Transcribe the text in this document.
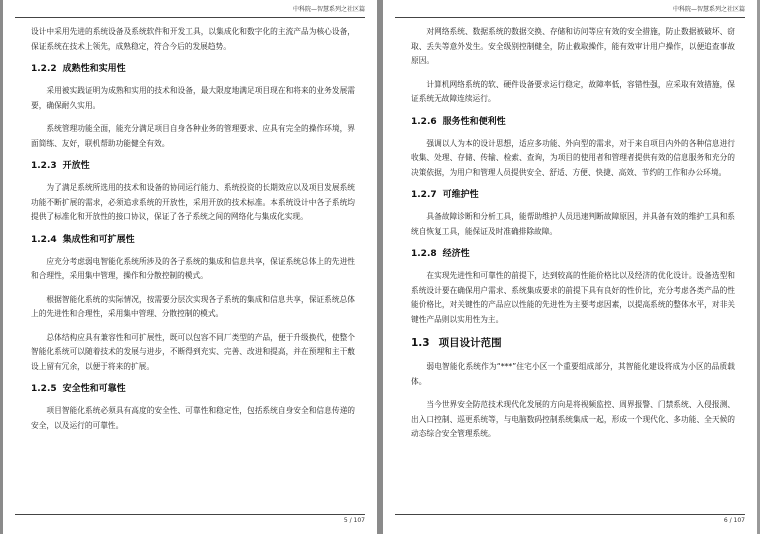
中科院—智慧系列之社区篇

设计中采用先进的系统设备及系统软件和开发工具，以集成化和数字化的主流产品为核心设备，保证系统在技术上领先，成熟稳定，符合今后的发展趋势。

1.2.2 成熟性和实用性

采用被实践证明为成熟和实用的技术和设备，最大限度地满足项目现在和将来的业务发展需要，确保耐久实用。

系统管理功能全面，能充分满足项目自身各种业务的管理要求、应具有完全的操作环境，界面简练、友好，联机帮助功能健全有效。

1.2.3 开放性

为了满足系统所选用的技术和设备的协同运行能力、系统投资的长期效应以及项目发展系统功能不断扩展的需求，必须追求系统的开放性，采用开放的技术标准。本系统设计中各子系统均提供了标准化和开放性的接口协议，保证了各子系统之间的网络化与集成化实现。

1.2.4 集成性和可扩展性

应充分考虑弱电智能化系统所涉及的各子系统的集成和信息共享，保证系统总体上的先进性和合理性，采用集中管理，操作和分散控制的模式。

根据智能化系统的实际情况，按需要分层次实现各子系统的集成和信息共享，保证系统总体上的先进性和合理性，采用集中管理、分散控制的模式。

总体结构应具有兼容性和可扩展性，既可以包容不同厂类型的产品，便于升级换代，使整个智能化系统可以随着技术的发展与进步，不断得到充实、完善、改进和提高，并在预埋和主干敷设上留有冗余，以便于将来的扩展。

1.2.5 安全性和可靠性

项目智能化系统必须具有高度的安全性、可靠性和稳定性，包括系统自身安全和信息传递的安全，以及运行的可靠性。

5 / 107
中科院—智慧系列之社区篇

对网络系统、数据系统的数据交换、存储和访问等应有效的安全措施，防止数据被破坏、窃取、丢失等意外发生。安全级别控制健全，防止截取操作，能有效审计用户操作，以便追查事故原因。

计算机网络系统的软、硬件设备要求运行稳定，故障率低，容错性强，应采取有效措施，保证系统无故障连续运行。

1.2.6 服务性和便利性

强调以人为本的设计思想，适应多功能、外向型的需求，对于来自项目内外的各种信息进行收集、处理、存储、传输、检索、查询，为项目的使用者和管理者提供有效的信息服务和充分的决策依据，为用户和管理人员提供安全、舒适、方便、快捷、高效、节约的工作和办公环境。

1.2.7 可维护性

具备故障诊断和分析工具，能帮助维护人员迅速判断故障原因，并具备有效的维护工具和系统自恢复工具，能保证及时准确排除故障。

1.2.8 经济性

在实现先进性和可靠性的前提下，达到较高的性能价格比以及经济的优化设计。设备选型和系统设计要在确保用户需求、系统集成要求的前提下具有良好的性价比，充分考虑各类产品的性能价格比，对关键性的产品应以性能的先进性为主要考虑因素，以提高系统的整体水平，对非关键性产品则以实用性为主。

1.3 项目设计范围

弱电智能化系统作为“***”住宅小区一个重要组成部分，其智能化建设将成为小区的品质载体。

当今世界安全防范技术现代化发展的方向是将视频监控、周界报警、门禁系统、入侵报测、出入口控制、巡更系统等，与电脑数码控制系统集成一起，形成一个现代化、多功能、全天候的动态综合安全管理系统。

6 / 107
